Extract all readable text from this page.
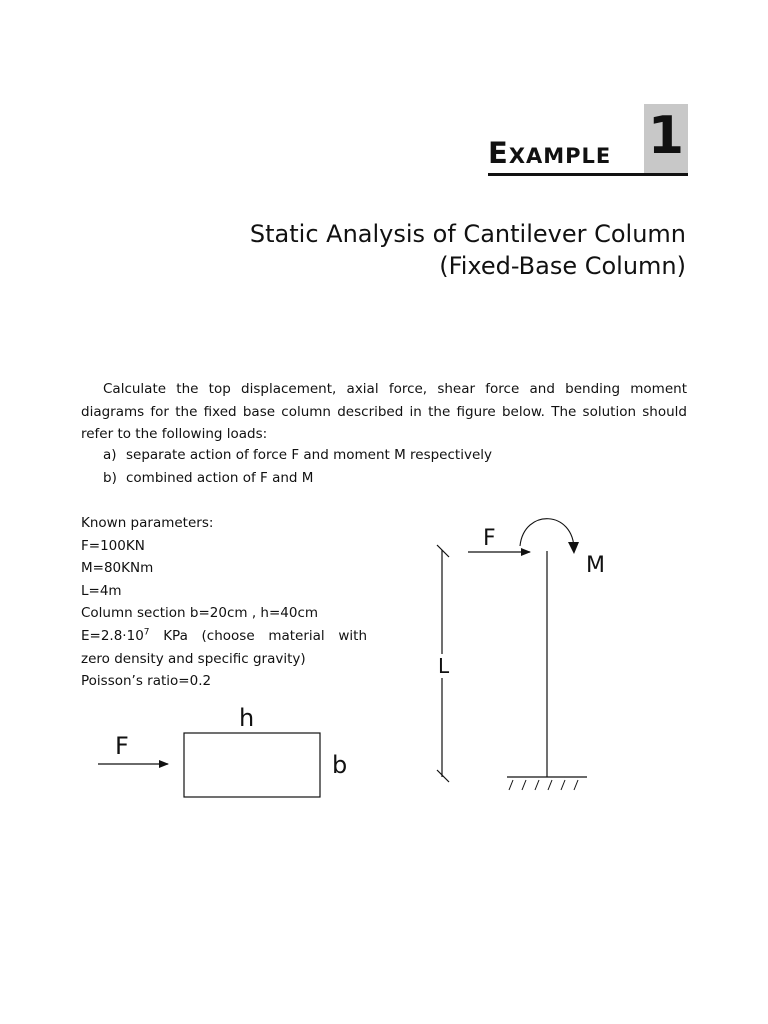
EXAMPLE 1
Static Analysis of Cantilever Column
(Fixed-Base Column)

Calculate the top displacement, axial force, shear force and bending moment diagrams for the fixed base column described in the figure below. The solution should refer to the following loads:

a) separate action of force F and moment M respectively
b) combined action of F and M
Known parameters:
F=100KN
M=80KNm
L=4m
Column section b=20cm , h=40cm
$E=2.8\cdot 10^7$ KPa (choose material with
zero density and specific gravity)
Poisson’s ratio=0.2
F
h
b
F
M
L
